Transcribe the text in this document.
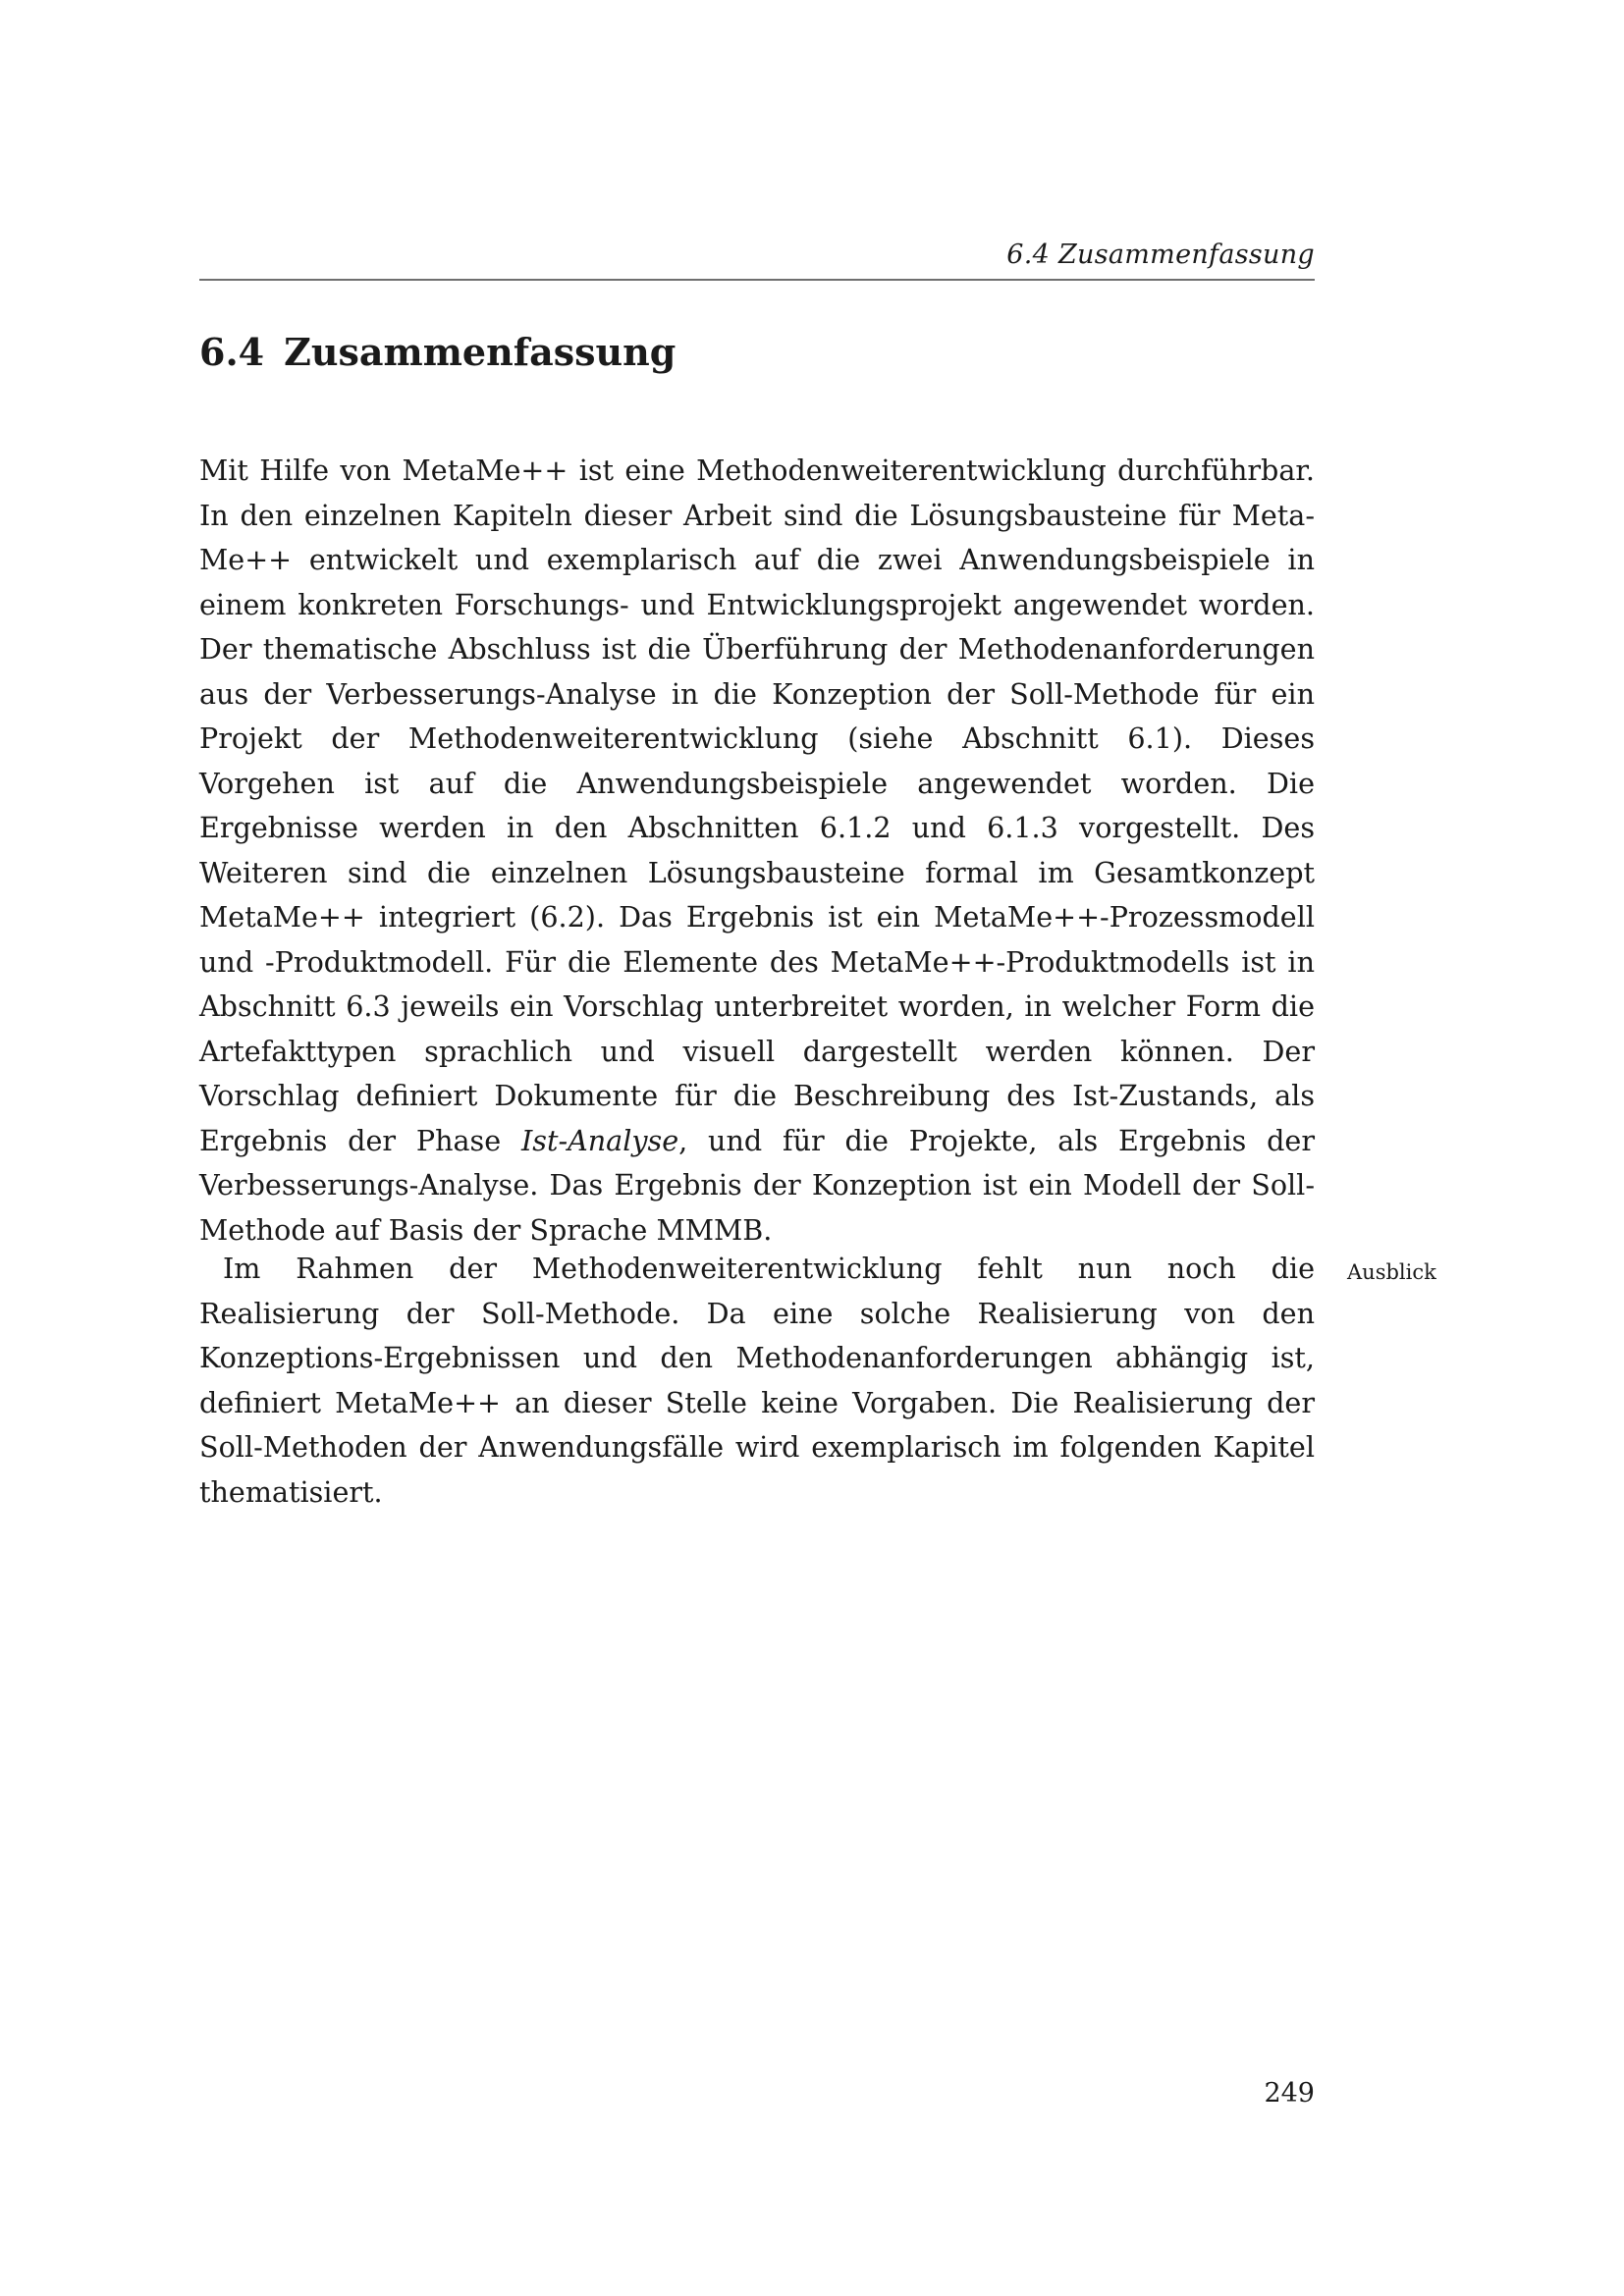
6.4 Zusammenfassung
6.4 Zusammenfassung

Mit Hilfe von MetaMe++ ist eine Methodenweiterentwicklung durchführbar. In den einzelnen Kapiteln dieser Arbeit sind die Lösungsbausteine für MetaMe++ entwickelt und exemplarisch auf die zwei Anwendungsbeispiele in einem konkreten Forschungs- und Entwicklungsprojekt angewendet worden. Der thematische Abschluss ist die Überführung der Methodenanforderungen aus der Verbesserungs-Analyse in die Konzeption der Soll-Methode für ein Projekt der Methodenweiterentwicklung (siehe Abschnitt 6.1). Dieses Vorgehen ist auf die Anwendungsbeispiele angewendet worden. Die Ergebnisse werden in den Abschnitten 6.1.2 und 6.1.3 vorgestellt. Des Weiteren sind die einzelnen Lösungsbausteine formal im Gesamtkonzept MetaMe++ integriert (6.2). Das Ergebnis ist ein MetaMe++-Prozessmodell und -Produktmodell. Für die Elemente des MetaMe++-Produktmodells ist in Abschnitt 6.3 jeweils ein Vorschlag unterbreitet worden, in welcher Form die Artefakttypen sprachlich und visuell dargestellt werden können. Der Vorschlag definiert Dokumente für die Beschreibung des Ist-Zustands, als Ergebnis der Phase Ist-Analyse, und für die Projekte, als Ergebnis der Verbesserungs-Analyse. Das Ergebnis der Konzeption ist ein Modell der Soll-Methode auf Basis der Sprache MMMB.

Im Rahmen der Methodenweiterentwicklung fehlt nun noch die Realisierung der Soll-Methode. Da eine solche Realisierung von den Konzeptions-Ergebnissen und den Methodenanforderungen abhängig ist, definiert MetaMe++ an dieser Stelle keine Vorgaben. Die Realisierung der Soll-Methoden der Anwendungsfälle wird exemplarisch im folgenden Kapitel thematisiert.

Ausblick
249
